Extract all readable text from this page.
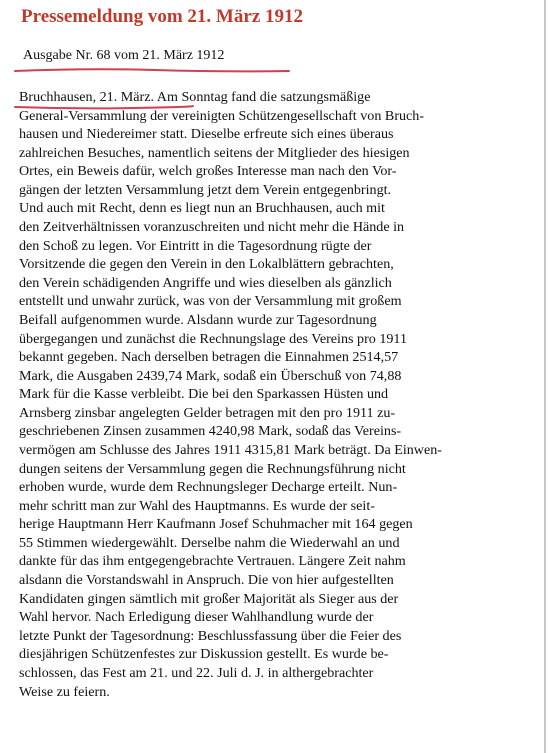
Pressemeldung vom 21. März 1912
Ausgabe Nr. 68 vom 21. März 1912
Bruchhausen, 21. März.
Am Sonntag fand die satzungsmäßige
General-Versammlung der vereinigten Schützengesellschaft von Bruch-
hausen und Niedereimer statt. Dieselbe erfreute sich eines überaus
zahlreichen Besuches, namentlich seitens der Mitglieder des hiesigen
Ortes, ein Beweis dafür, welch großes Interesse man nach den Vor-
gängen der letzten Versammlung jetzt dem Verein entgegenbringt.
Und auch mit Recht, denn es liegt nun an Bruchhausen, auch mit
den Zeitverhältnissen voranzuschreiten und nicht mehr die Hände in
den Schoß zu legen. Vor Eintritt in die Tagesordnung rügte der
Vorsitzende die gegen den Verein in den Lokalblättern gebrachten,
den Verein schädigenden Angriffe und wies dieselben als gänzlich
entstellt und unwahr zurück, was von der Versammlung mit großem
Beifall aufgenommen wurde. Alsdann wurde zur Tagesordnung
übergegangen und zunächst die Rechnungslage des Vereins pro 1911
bekannt gegeben. Nach derselben betragen die Einnahmen 2514,57
Mark, die Ausgaben 2439,74 Mark, sodaß ein Überschuß von 74,88
Mark für die Kasse verbleibt. Die bei den Sparkassen Hüsten und
Arnsberg zinsbar angelegten Gelder betragen mit den pro 1911 zu-
geschriebenen Zinsen zusammen 4240,98 Mark, sodaß das Vereins-
vermögen am Schlusse des Jahres 1911 4315,81 Mark beträgt. Da Einwen-
dungen seitens der Versammlung gegen die Rechnungsführung nicht
erhoben wurde, wurde dem Rechnungsleger Decharge erteilt. Nun-
mehr schritt man zur Wahl des Hauptmanns. Es wurde der seit-
herige Hauptmann Herr Kaufmann Josef Schuhmacher mit 164 gegen
55 Stimmen wiedergewählt. Derselbe nahm die Wiederwahl an und
dankte für das ihm entgegengebrachte Vertrauen. Längere Zeit nahm
alsdann die Vorstandswahl in Anspruch. Die von hier aufgestellten
Kandidaten gingen sämtlich mit großer Majorität als Sieger aus der
Wahl hervor. Nach Erledigung dieser Wahlhandlung wurde der
letzte Punkt der Tagesordnung: Beschlussfassung über die Feier des
diesjährigen Schützenfestes zur Diskussion gestellt. Es wurde be-
schlossen, das Fest am 21. und 22. Juli d. J. in althergebrachter
Weise zu feiern.
